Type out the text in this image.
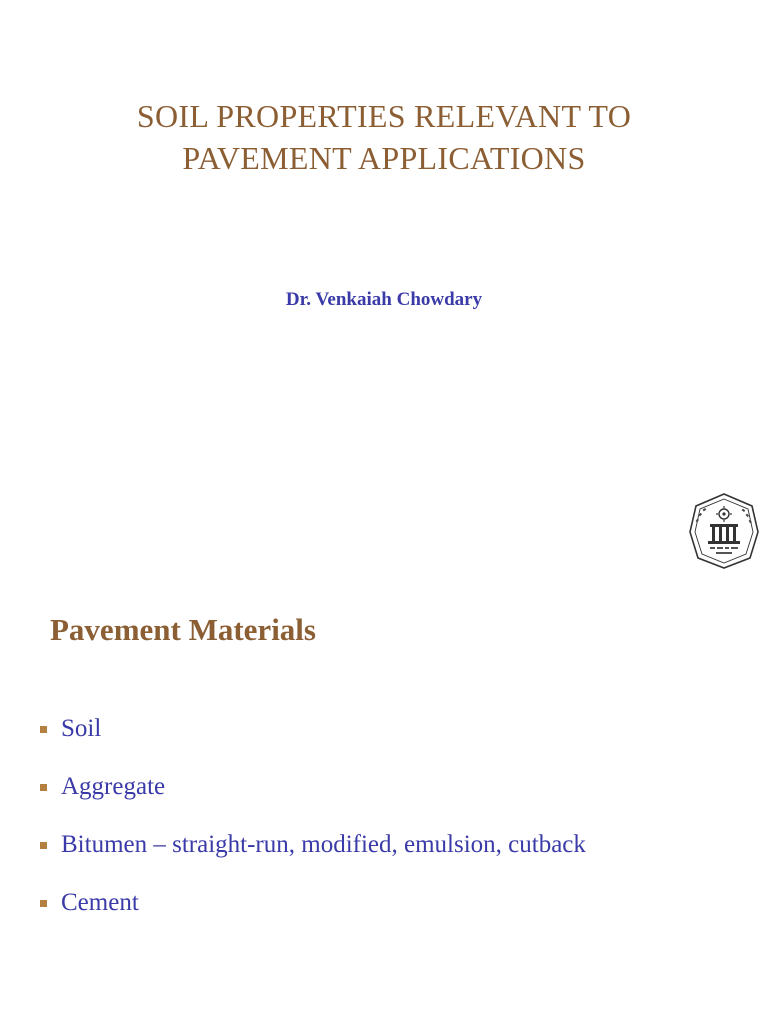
SOIL PROPERTIES RELEVANT TO
PAVEMENT APPLICATIONS
Dr. Venkaiah Chowdary
Pavement Materials
Soil
Aggregate
Bitumen – straight-run, modified, emulsion, cutback
Cement
